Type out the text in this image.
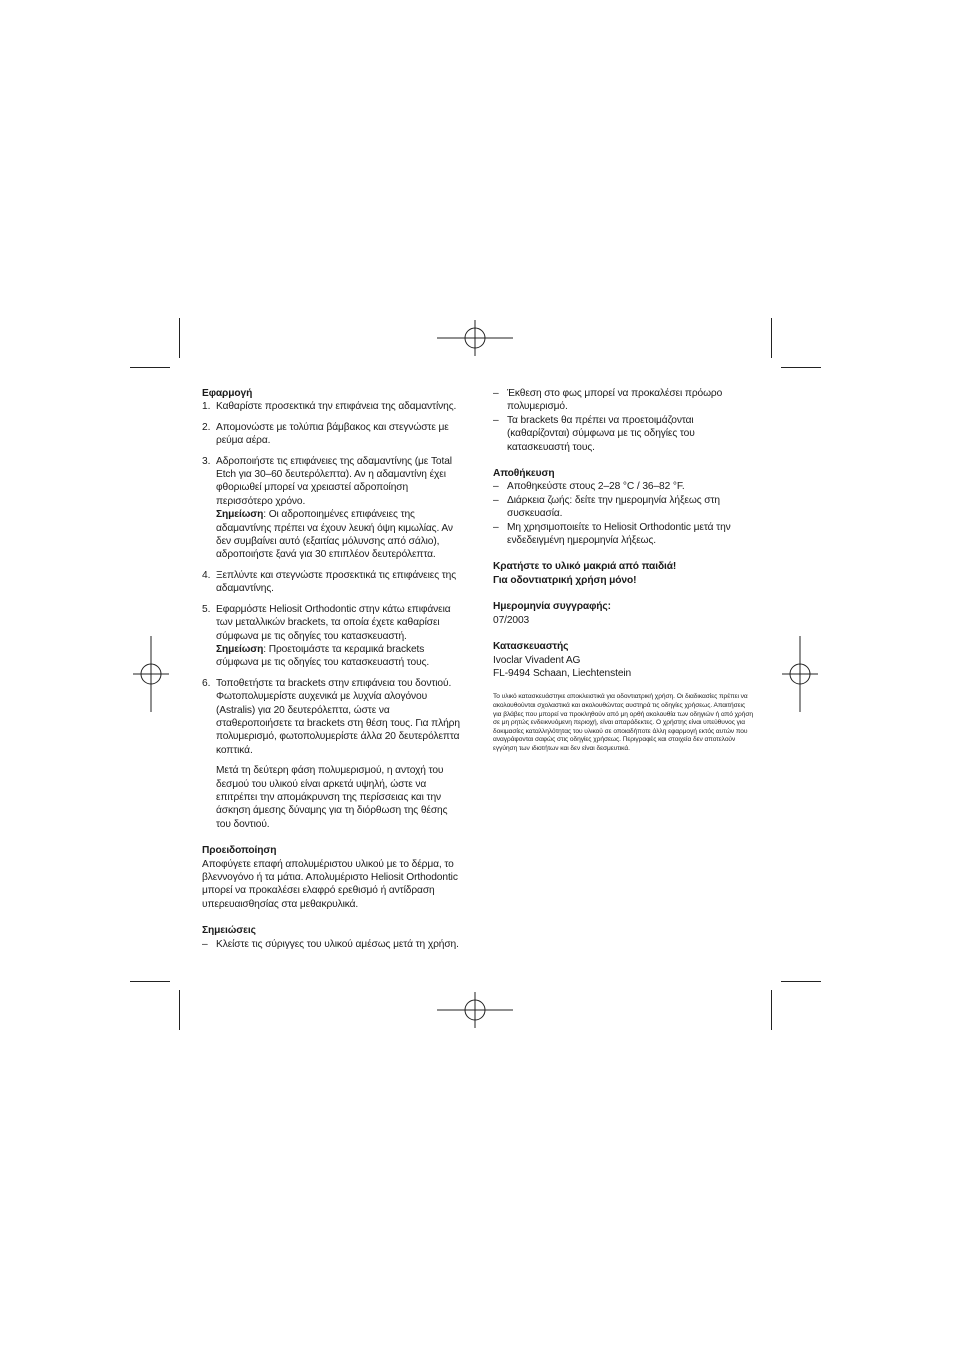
Εφαρμογή

1. Καθαρίστε προσεκτικά την επιφάνεια της αδαμαντίνης.
2. Απομονώστε με τολύπια βάμβακος και στεγνώστε με ρεύμα αέρα.
3. Αδροποιήστε τις επιφάνειες της αδαμαντίνης (με Total Etch για 30–60 δευτερόλεπτα). Αν η αδαμαντίνη έχει φθοριωθεί μπορεί να χρειαστεί αδροποίηση περισσότερο χρόνο.
Σημείωση: Οι αδροποιημένες επιφάνειες της αδαμαντίνης πρέπει να έχουν λευκή όψη κιμωλίας. Αν δεν συμβαίνει αυτό (εξαιτίας μόλυνσης από σάλιο), αδροποιήστε ξανά για 30 επιπλέον δευτερόλεπτα.
4. Ξεπλύντε και στεγνώστε προσεκτικά τις επιφάνειες της αδαμαντίνης.
5. Εφαρμόστε Heliosit Orthodontic στην κάτω επιφάνεια των μεταλλικών brackets, τα οποία έχετε καθαρίσει σύμφωνα με τις οδηγίες του κατασκευαστή.
Σημείωση: Προετοιμάστε τα κεραμικά brackets σύμφωνα με τις οδηγίες του κατασκευαστή τους.
6. Τοποθετήστε τα brackets στην επιφάνεια του δοντιού. Φωτοπολυμερίστε αυχενικά με λυχνία αλογόνου (Astralis) για 20 δευτερόλεπτα, ώστε να σταθεροποιήσετε τα brackets στη θέση τους. Για πλήρη πολυμερισμό, φωτοπολυμερίστε άλλα 20 δευτερόλεπτα κοπτικά.

Μετά τη δεύτερη φάση πολυμερισμού, η αντοχή του δεσμού του υλικού είναι αρκετά υψηλή, ώστε να επιτρέπει την απομάκρυνση της περίσσειας και την άσκηση άμεσης δύναμης για τη διόρθωση της θέσης του δοντιού.

Προειδοποίηση

Αποφύγετε επαφή απολυμέριστου υλικού με το δέρμα, το βλεννογόνο ή τα μάτια. Απολυμέριστο Heliosit Orthodontic μπορεί να προκαλέσει ελαφρό ερεθισμό ή αντίδραση υπερευαισθησίας στα μεθακρυλικά.

Σημειώσεις

– Κλείστε τις σύριγγες του υλικού αμέσως μετά τη χρήση.
– Έκθεση στο φως μπορεί να προκαλέσει πρόωρο πολυμερισμό.
– Τα brackets θα πρέπει να προετοιμάζονται (καθαρίζονται) σύμφωνα με τις οδηγίες του κατασκευαστή τους.

Αποθήκευση

– Αποθηκεύστε στους 2–28 °C / 36–82 °F.
– Διάρκεια ζωής: δείτε την ημερομηνία λήξεως στη συσκευασία.
– Μη χρησιμοποιείτε το Heliosit Orthodontic μετά την ενδεδειγμένη ημερομηνία λήξεως.

Κρατήστε το υλικό μακριά από παιδιά!

Για οδοντιατρική χρήση μόνο!

Ημερομηνία συγγραφής:

07/2003

Κατασκευαστής

Ivoclar Vivadent AG

FL-9494 Schaan, Liechtenstein

Το υλικό κατασκευάστηκε αποκλειστικά για οδοντιατρική χρήση. Οι διαδικασίες πρέπει να ακολουθούνται σχολαστικά και ακολουθώντας αυστηρά τις οδηγίες χρήσεως. Απαιτήσεις για βλάβες που μπορεί να προκληθούν από μη ορθή ακολουθία των οδηγιών ή από χρήση σε μη ρητώς ενδεικνυόμενη περιοχή, είναι απαράδεκτες. Ο χρήστης είναι υπεύθυνος για δοκιμασίες καταλληλότητας του υλικού σε οποιαδήποτε άλλη εφαρμογή εκτός αυτών που αναγράφονται σαφώς στις οδηγίες χρήσεως. Περιγραφές και στοιχεία δεν αποτελούν εγγύηση των ιδιοτήτων και δεν είναι δεσμευτικά.
